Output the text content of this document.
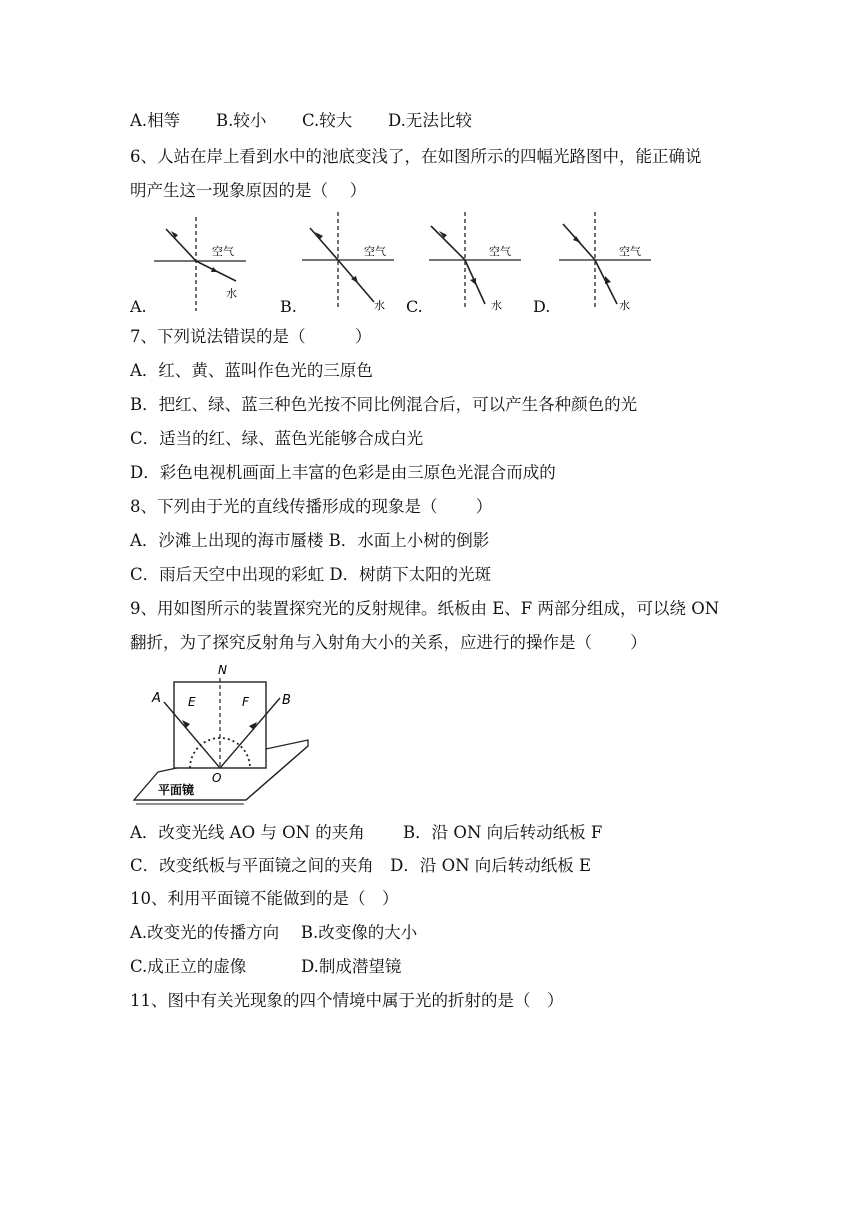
A.相等 B.较小 C.较大 D.无法比较
6、人站在岸上看到水中的池底变浅了，在如图所示的四幅光路图中，能正确说
明产生这一现象原因的是（　 ）
A.
空气
水
B.
空气
水 C.
空气
水 D.
空气
水
7、下列说法错误的是（　　　）
A．红、黄、蓝叫作色光的三原色
B．把红、绿、蓝三种色光按不同比例混合后，可以产生各种颜色的光
C．适当的红、绿、蓝色光能够合成白光
D．彩色电视机画面上丰富的色彩是由三原色光混合而成的
8、下列由于光的直线传播形成的现象是（　　 ）
A．沙滩上出现的海市蜃楼 B．水面上小树的倒影
C．雨后天空中出现的彩虹 D．树荫下太阳的光斑
9、用如图所示的装置探究光的反射规律。纸板由 E、F 两部分组成，可以绕 ON
翻折，为了探究反射角与入射角大小的关系，应进行的操作是（　　 ）
N
A	B
E	F
O
平面镜
A．改变光线 AO 与 ON 的夹角　　 B．沿 ON 向后转动纸板 F
C．改变纸板与平面镜之间的夹角　D．沿 ON 向后转动纸板 E
10、利用平面镜不能做到的是（　）
A.改变光的传播方向　 B.改变像的大小
C.成正立的虚像　　　 D.制成潜望镜
11、图中有关光现象的四个情境中属于光的折射的是（　）
